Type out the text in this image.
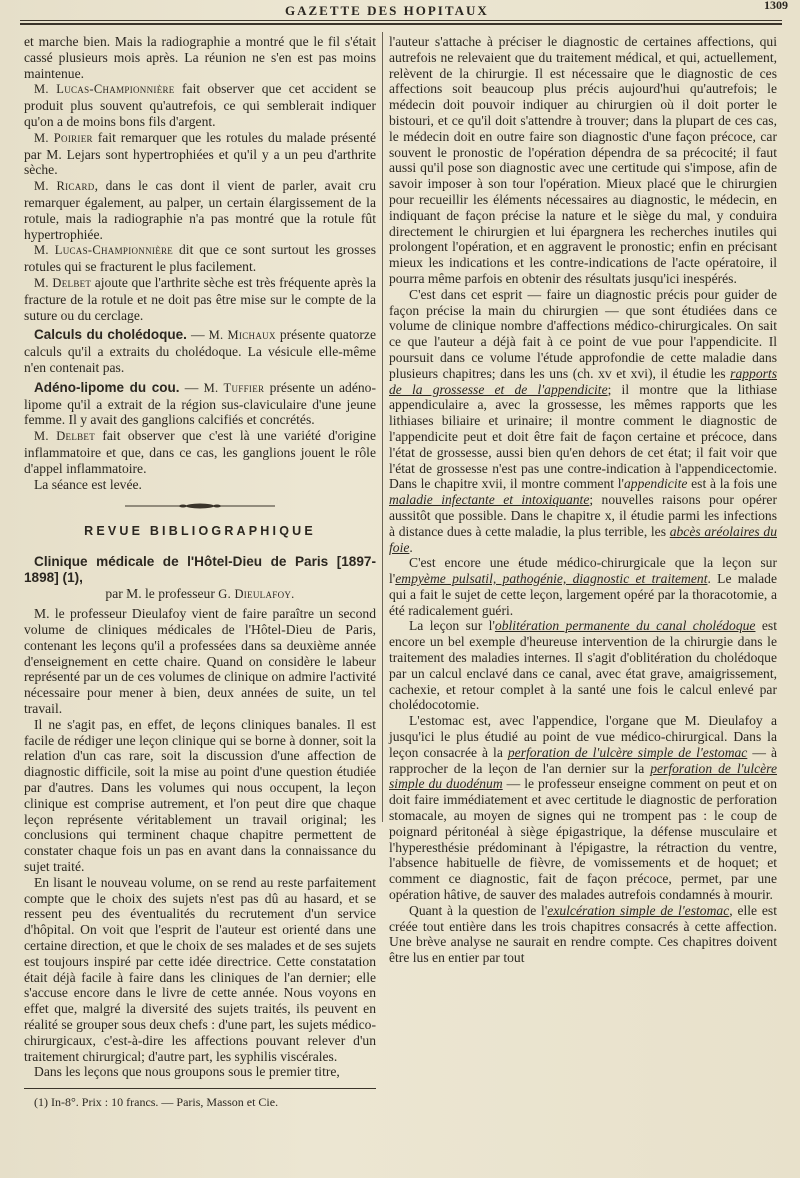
GAZETTE DES HOPITAUX	1309

et marche bien. Mais la radiographie a montré que le fil s'était cassé plusieurs mois après. La réunion ne s'en est pas moins maintenue.

M. Lucas-Championnière fait observer que cet accident se produit plus souvent qu'autrefois, ce qui semblerait indiquer qu'on a de moins bons fils d'argent.

M. Poirier fait remarquer que les rotules du malade présenté par M. Lejars sont hypertrophiées et qu'il y a un peu d'arthrite sèche.

M. Ricard, dans le cas dont il vient de parler, avait cru remarquer également, au palper, un certain élargissement de la rotule, mais la radiographie n'a pas montré que la rotule fût hypertrophiée.

M. Lucas-Championnière dit que ce sont surtout les grosses rotules qui se fracturent le plus facilement.

M. Delbet ajoute que l'arthrite sèche est très fréquente après la fracture de la rotule et ne doit pas être mise sur le compte de la suture ou du cerclage.

Calculs du cholédoque. — M. Michaux présente quatorze calculs qu'il a extraits du cholédoque. La vésicule elle-même n'en contenait pas.

Adéno-lipome du cou. — M. Tuffier présente un adéno-lipome qu'il a extrait de la région sus-claviculaire d'une jeune femme. Il y avait des ganglions calcifiés et concrétés.

M. Delbet fait observer que c'est là une variété d'origine inflammatoire et que, dans ce cas, les ganglions jouent le rôle d'appel inflammatoire.

La séance est levée.

REVUE BIBLIOGRAPHIQUE

Clinique médicale de l'Hôtel-Dieu de Paris [1897-1898] (1),

par M. le professeur G. Dieulafoy.

M. le professeur Dieulafoy vient de faire paraître un second volume de cliniques médicales de l'Hôtel-Dieu de Paris, contenant les leçons qu'il a professées dans sa deuxième année d'enseignement en cette chaire. Quand on considère le labeur représenté par un de ces volumes de clinique on admire l'activité nécessaire pour mener à bien, deux années de suite, un tel travail.

Il ne s'agit pas, en effet, de leçons cliniques banales. Il est facile de rédiger une leçon clinique qui se borne à donner, soit la relation d'un cas rare, soit la discussion d'une affection de diagnostic difficile, soit la mise au point d'une question étudiée par d'autres. Dans les volumes qui nous occupent, la leçon clinique est comprise autrement, et l'on peut dire que chaque leçon représente véritablement un travail original; les conclusions qui terminent chaque chapitre permettent de constater chaque fois un pas en avant dans la connaissance du sujet traité.

En lisant le nouveau volume, on se rend au reste parfaitement compte que le choix des sujets n'est pas dû au hasard, et se ressent peu des éventualités du recrutement d'un service d'hôpital. On voit que l'esprit de l'auteur est orienté dans une certaine direction, et que le choix de ses malades et de ses sujets est toujours inspiré par cette idée directrice. Cette constatation était déjà facile à faire dans les cliniques de l'an dernier; elle s'accuse encore dans le livre de cette année. Nous voyons en effet que, malgré la diversité des sujets traités, ils peuvent en réalité se grouper sous deux chefs : d'une part, les sujets médico-chirurgicaux, c'est-à-dire les affections pouvant relever d'un traitement chirurgical; d'autre part, les syphilis viscérales.

Dans les leçons que nous groupons sous le premier titre,

(1) In-8°. Prix : 10 francs. — Paris, Masson et Cie.

l'auteur s'attache à préciser le diagnostic de certaines affections, qui autrefois ne relevaient que du traitement médical, et qui, actuellement, relèvent de la chirurgie. Il est nécessaire que le diagnostic de ces affections soit beaucoup plus précis aujourd'hui qu'autrefois; le médecin doit pouvoir indiquer au chirurgien où il doit porter le bistouri, et ce qu'il doit s'attendre à trouver; dans la plupart de ces cas, le médecin doit en outre faire son diagnostic d'une façon précoce, car souvent le pronostic de l'opération dépendra de sa précocité; il faut aussi qu'il pose son diagnostic avec une certitude qui s'impose, afin de savoir imposer à son tour l'opération. Mieux placé que le chirurgien pour recueillir les éléments nécessaires au diagnostic, le médecin, en indiquant de façon précise la nature et le siège du mal, y conduira directement le chirurgien et lui épargnera les recherches inutiles qui prolongent l'opération, et en aggravent le pronostic; enfin en précisant mieux les indications et les contre-indications de l'acte opératoire, il pourra même parfois en obtenir des résultats jusqu'ici inespérés.

C'est dans cet esprit — faire un diagnostic précis pour guider de façon précise la main du chirurgien — que sont étudiées dans ce volume de clinique nombre d'affections médico-chirurgicales. On sait ce que l'auteur a déjà fait à ce point de vue pour l'appendicite. Il poursuit dans ce volume l'étude approfondie de cette maladie dans plusieurs chapitres; dans les uns (ch. xv et xvi), il étudie les rapports de la grossesse et de l'appendicite; il montre que la lithiase appendiculaire a, avec la grossesse, les mêmes rapports que les lithiases biliaire et urinaire; il montre comment le diagnostic de l'appendicite peut et doit être fait de façon certaine et précoce, dans l'état de grossesse, aussi bien qu'en dehors de cet état; il fait voir que l'état de grossesse n'est pas une contre-indication à l'appendicectomie. Dans le chapitre xvii, il montre comment l'appendicite est à la fois une maladie infectante et intoxiquante; nouvelles raisons pour opérer aussitôt que possible. Dans le chapitre x, il étudie parmi les infections à distance dues à cette maladie, la plus terrible, les abcès aréolaires du foie.

C'est encore une étude médico-chirurgicale que la leçon sur l'empyème pulsatil, pathogénie, diagnostic et traitement. Le malade qui a fait le sujet de cette leçon, largement opéré par la thoracotomie, a été radicalement guéri.

La leçon sur l'oblitération permanente du canal cholédoque est encore un bel exemple d'heureuse intervention de la chirurgie dans le traitement des maladies internes. Il s'agit d'oblitération du cholédoque par un calcul enclavé dans ce canal, avec état grave, amaigrissement, cachexie, et retour complet à la santé une fois le calcul enlevé par cholédocotomie.

L'estomac est, avec l'appendice, l'organe que M. Dieulafoy a jusqu'ici le plus étudié au point de vue médico-chirurgical. Dans la leçon consacrée à la perforation de l'ulcère simple de l'estomac — à rapprocher de la leçon de l'an dernier sur la perforation de l'ulcère simple du duodénum — le professeur enseigne comment on peut et on doit faire immédiatement et avec certitude le diagnostic de perforation stomacale, au moyen de signes qui ne trompent pas : le coup de poignard péritonéal à siège épigastrique, la défense musculaire et l'hyperesthésie prédominant à l'épigastre, la rétraction du ventre, l'absence habituelle de fièvre, de vomissements et de hoquet; et comment ce diagnostic, fait de façon précoce, permet, par une opération hâtive, de sauver des malades autrefois condamnés à mourir.

Quant à la question de l'exulcération simple de l'estomac, elle est créée tout entière dans les trois chapitres consacrés à cette affection. Une brève analyse ne saurait en rendre compte. Ces chapitres doivent être lus en entier par tout
